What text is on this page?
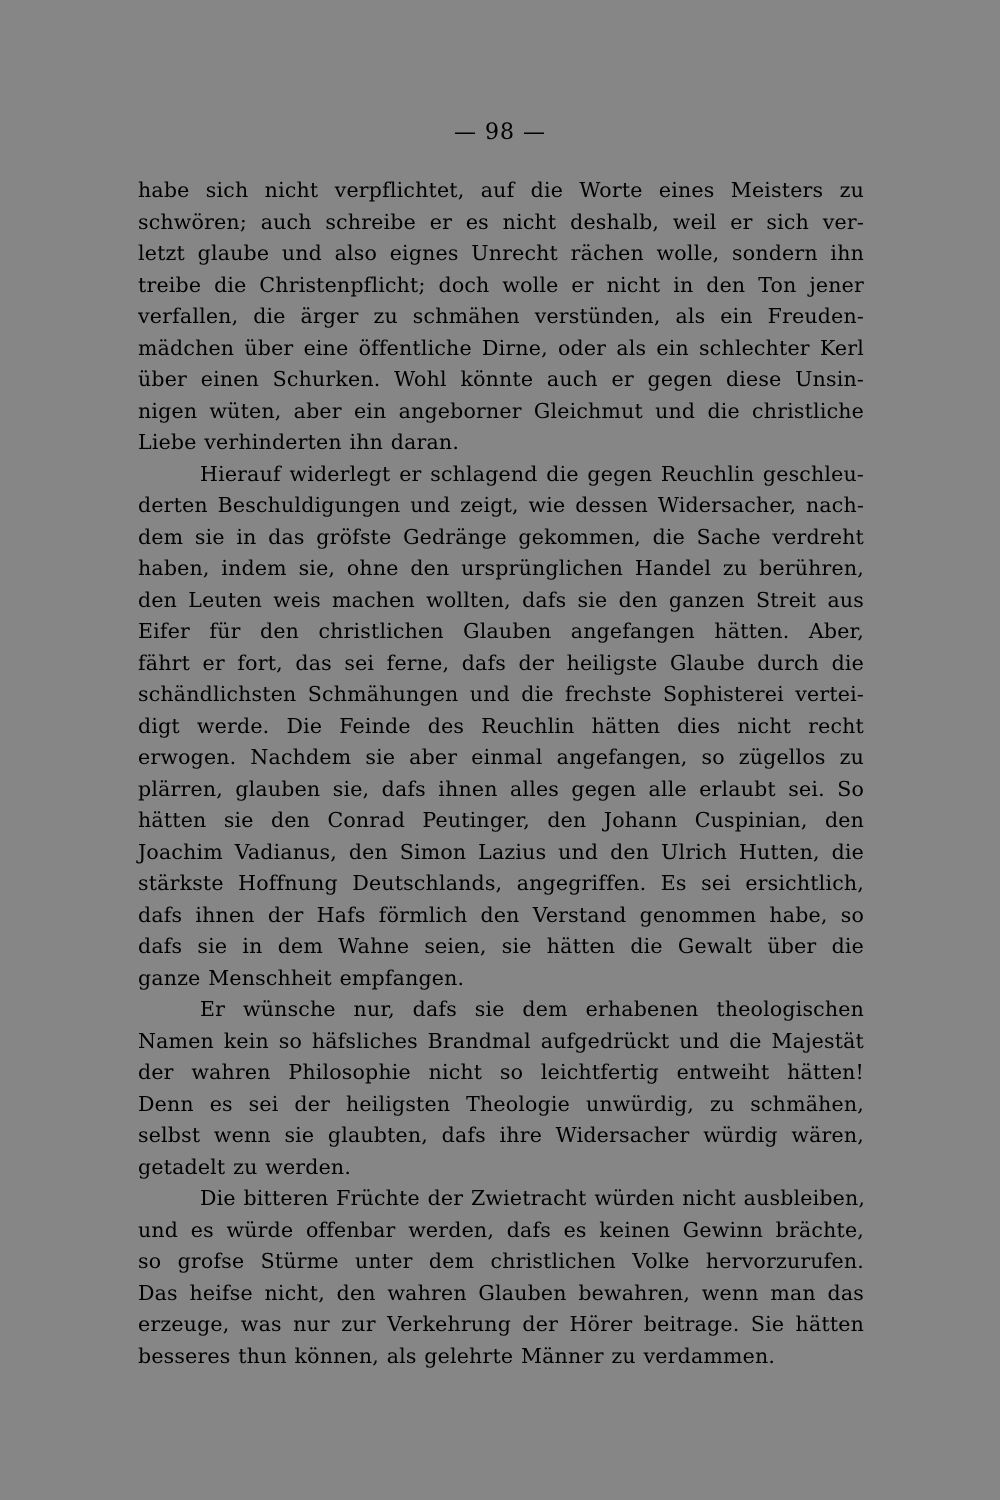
— 98 —
habe sich nicht verpflichtet, auf die Worte eines Meisters zu
schwören; auch schreibe er es nicht deshalb, weil er sich ver-
letzt glaube und also eignes Unrecht rächen wolle, sondern ihn
treibe die Christenpflicht; doch wolle er nicht in den Ton jener
verfallen, die ärger zu schmähen verstünden, als ein Freuden-
mädchen über eine öffentliche Dirne, oder als ein schlechter Kerl
über einen Schurken. Wohl könnte auch er gegen diese Unsin-
nigen wüten, aber ein angeborner Gleichmut und die christliche
Liebe verhinderten ihn daran.
Hierauf widerlegt er schlagend die gegen Reuchlin geschleu-
derten Beschuldigungen und zeigt, wie dessen Widersacher, nach-
dem sie in das gröfste Gedränge gekommen, die Sache verdreht
haben, indem sie, ohne den ursprünglichen Handel zu berühren,
den Leuten weis machen wollten, dafs sie den ganzen Streit aus
Eifer für den christlichen Glauben angefangen hätten. Aber,
fährt er fort, das sei ferne, dafs der heiligste Glaube durch die
schändlichsten Schmähungen und die frechste Sophisterei vertei-
digt werde. Die Feinde des Reuchlin hätten dies nicht recht
erwogen. Nachdem sie aber einmal angefangen, so zügellos zu
plärren, glauben sie, dafs ihnen alles gegen alle erlaubt sei. So
hätten sie den Conrad Peutinger, den Johann Cuspinian, den
Joachim Vadianus, den Simon Lazius und den Ulrich Hutten, die
stärkste Hoffnung Deutschlands, angegriffen. Es sei ersichtlich,
dafs ihnen der Hafs förmlich den Verstand genommen habe, so
dafs sie in dem Wahne seien, sie hätten die Gewalt über die
ganze Menschheit empfangen.
Er wünsche nur, dafs sie dem erhabenen theologischen
Namen kein so häfsliches Brandmal aufgedrückt und die Majestät
der wahren Philosophie nicht so leichtfertig entweiht hätten!
Denn es sei der heiligsten Theologie unwürdig, zu schmähen,
selbst wenn sie glaubten, dafs ihre Widersacher würdig wären,
getadelt zu werden.
Die bitteren Früchte der Zwietracht würden nicht ausbleiben,
und es würde offenbar werden, dafs es keinen Gewinn brächte,
so grofse Stürme unter dem christlichen Volke hervorzurufen.
Das heifse nicht, den wahren Glauben bewahren, wenn man das
erzeuge, was nur zur Verkehrung der Hörer beitrage. Sie hätten
besseres thun können, als gelehrte Männer zu verdammen.
